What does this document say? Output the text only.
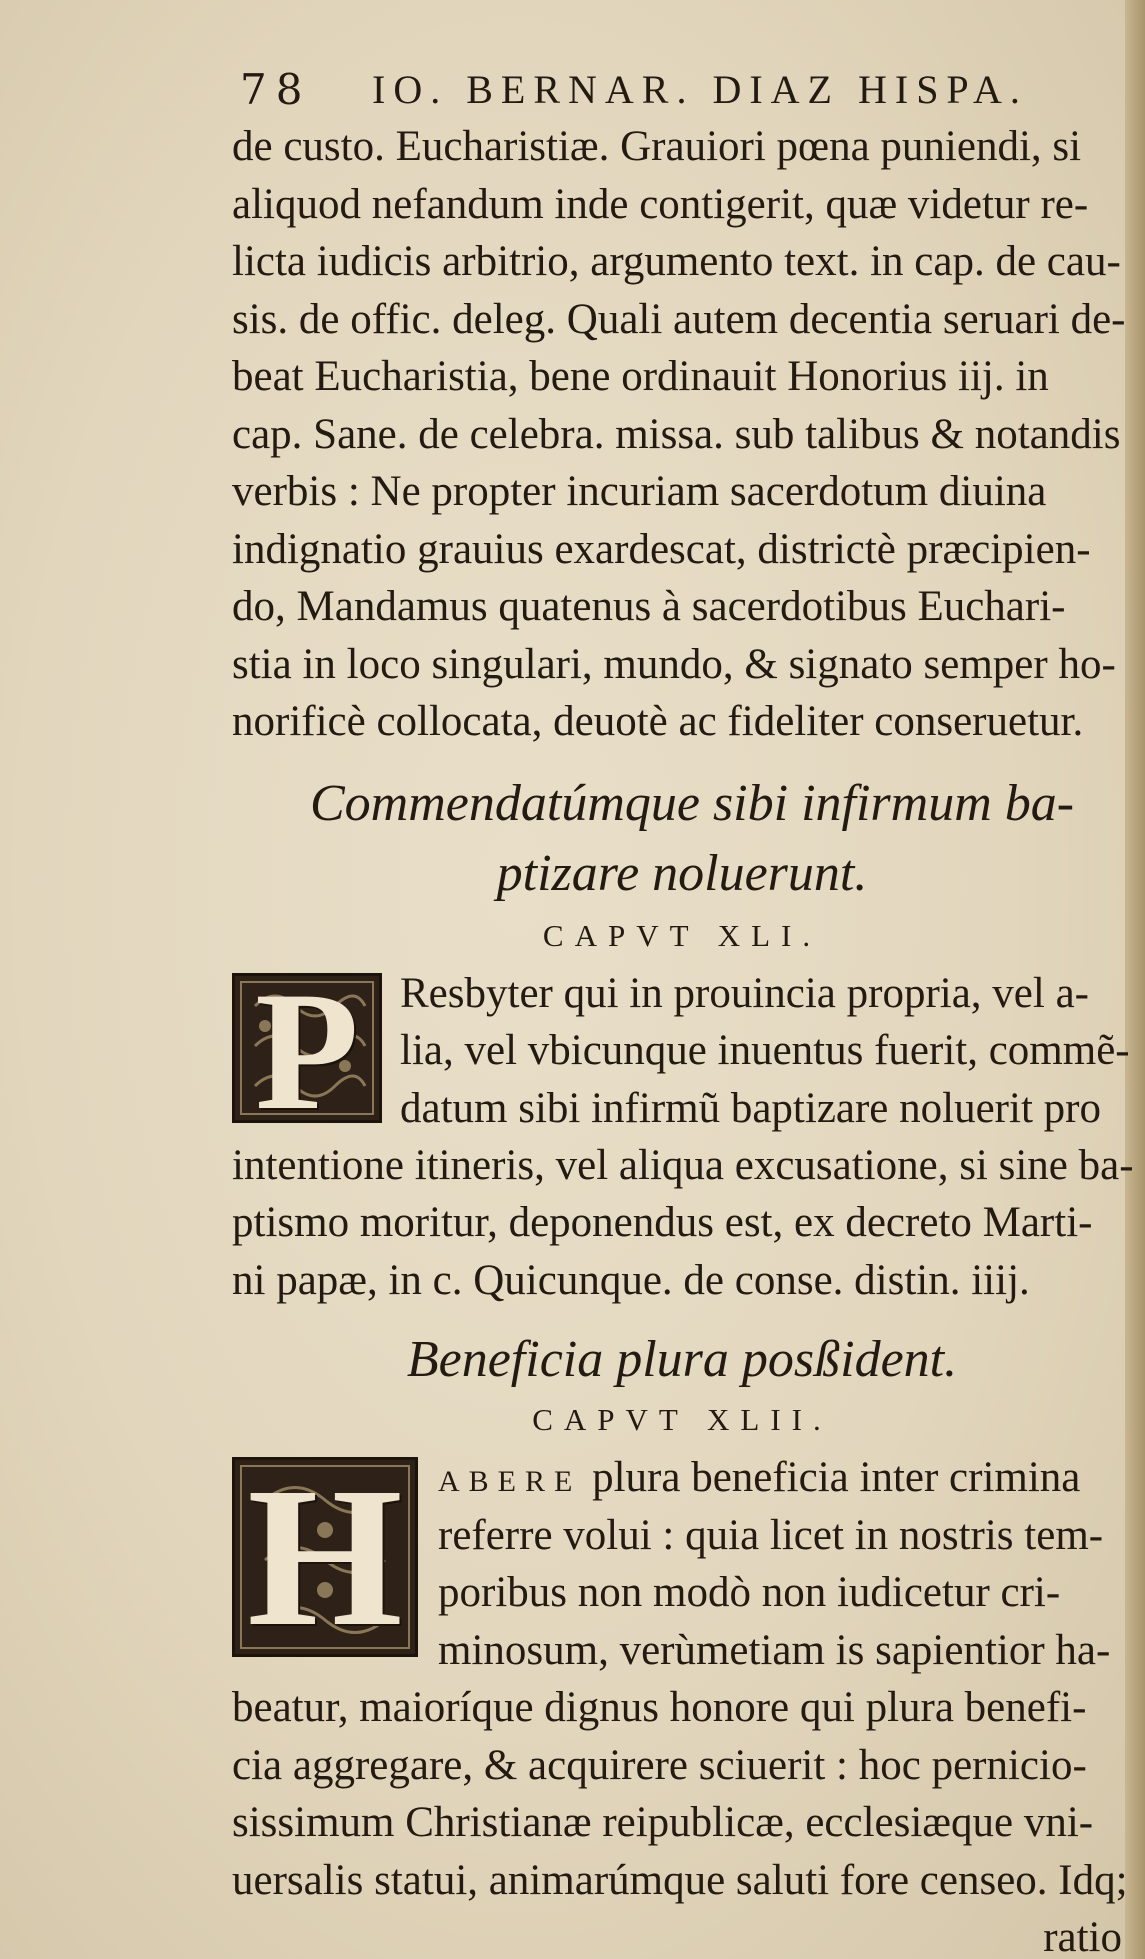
78 IO. BERNAR. DIAZ HISPA.
de custo. Eucharistiæ. Grauiori pœna puniendi, si
aliquod nefandum inde contigerit, quæ videtur re-
licta iudicis arbitrio, argumento text. in cap. de cau-
sis. de offic. deleg. Quali autem decentia seruari de-
beat Eucharistia, bene ordinauit Honorius iij. in
cap. Sane. de celebra. missa. sub talibus & notandis
verbis : Ne propter incuriam sacerdotum diuina
indignatio grauius exardescat, districtè præcipien-
do, Mandamus quatenus à sacerdotibus Euchari-
stia in loco singulari, mundo, & signato semper ho-
norificè collocata, deuotè ac fideliter conseruetur.
Commendatúmque sibi infirmum ba-
ptizare noluerunt.
CAPVT XLI.
P Resbyter qui in prouincia propria, vel a-
lia, vel vbicunque inuentus fuerit, commẽ-
datum sibi infirmũ baptizare noluerit pro
intentione itineris, vel aliqua excusatione, si sine ba-
ptismo moritur, deponendus est, ex decreto Marti-
ni papæ, in c. Quicunque. de conse. distin. iiij.
Beneficia plura posßident.
CAPVT XLII.
H	ABERE plura beneficia inter crimina
referre volui : quia licet in nostris tem-
poribus non modò non iudicetur cri-
minosum, verùmetiam is sapientior ha-
beatur, maioríque dignus honore qui plura benefi-
cia aggregare, & acquirere sciuerit : hoc pernicio-
sissimum Christianæ reipublicæ, ecclesiæque vni-
uersalis statui, animarúmque saluti fore censeo. Idq;
ratio
